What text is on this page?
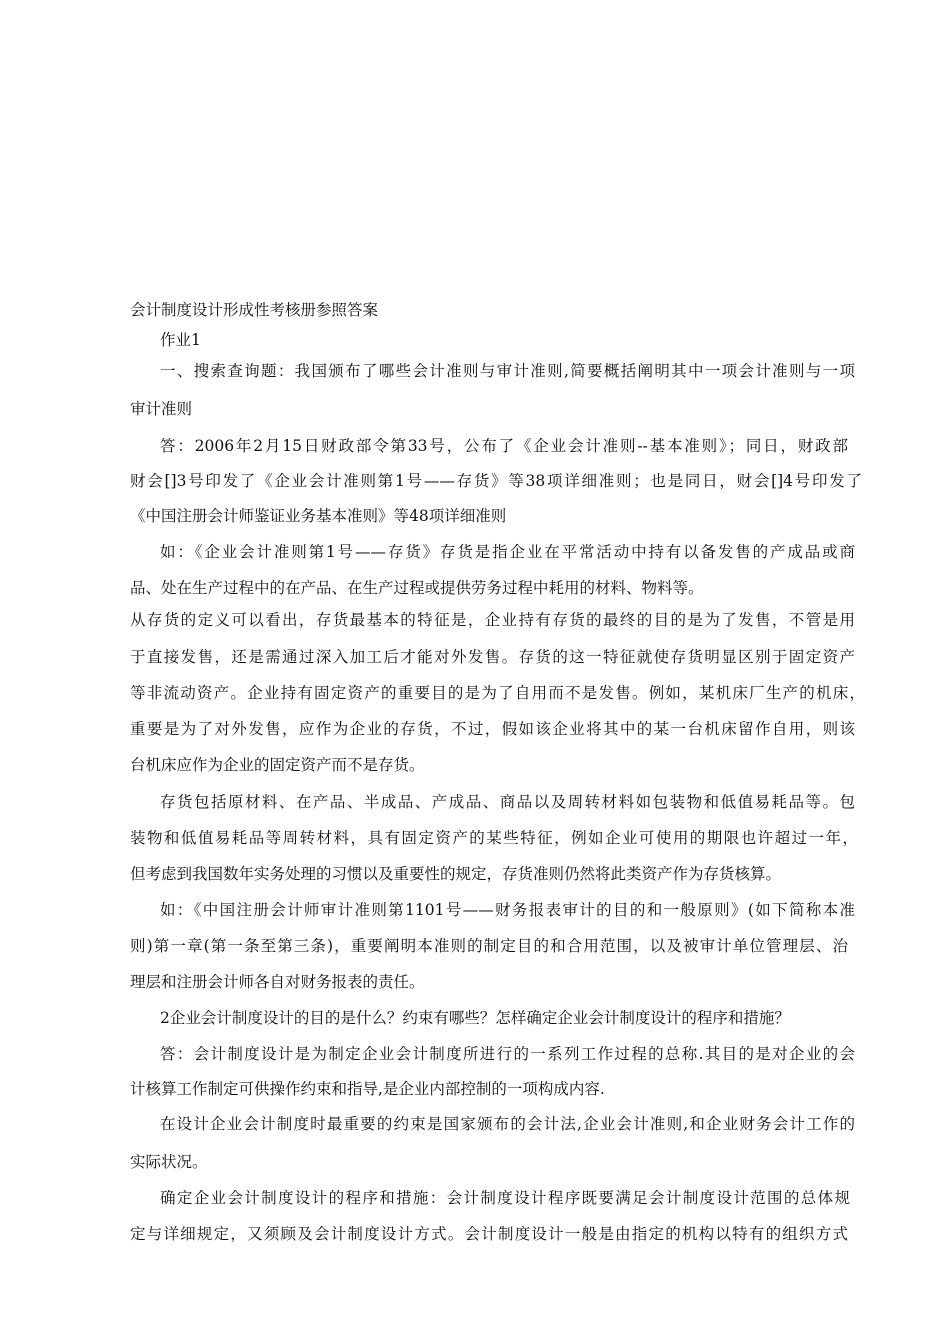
会计制度设计形成性考核册参照答案
作业1
一、搜索查询题：我国颁布了哪些会计准则与审计准则,简要概括阐明其中一项会计准则与一项
审计准则
答：2006年2月15日财政部令第33号，公布了《企业会计准则--基本准则》；同日，财政部
财会[]3号印发了《企业会计准则第1号——存货》等38项详细准则；也是同日，财会[]4号印发了
《中国注册会计师鉴证业务基本准则》等48项详细准则
如：《企业会计准则第1号——存货》存货是指企业在平常活动中持有以备发售的产成品或商
品、处在生产过程中的在产品、在生产过程或提供劳务过程中耗用的材料、物料等。
从存货的定义可以看出，存货最基本的特征是，企业持有存货的最终的目的是为了发售，不管是用
于直接发售，还是需通过深入加工后才能对外发售。存货的这一特征就使存货明显区别于固定资产
等非流动资产。企业持有固定资产的重要目的是为了自用而不是发售。例如，某机床厂生产的机床，
重要是为了对外发售，应作为企业的存货，不过，假如该企业将其中的某一台机床留作自用，则该
台机床应作为企业的固定资产而不是存货。
存货包括原材料、在产品、半成品、产成品、商品以及周转材料如包装物和低值易耗品等。包
装物和低值易耗品等周转材料，具有固定资产的某些特征，例如企业可使用的期限也许超过一年，
但考虑到我国数年实务处理的习惯以及重要性的规定，存货准则仍然将此类资产作为存货核算。
如：《中国注册会计师审计准则第1101号——财务报表审计的目的和一般原则》(如下简称本准
则)第一章(第一条至第三条)，重要阐明本准则的制定目的和合用范围，以及被审计单位管理层、治
理层和注册会计师各自对财务报表的责任。
2企业会计制度设计的目的是什么？约束有哪些？怎样确定企业会计制度设计的程序和措施？
答：会计制度设计是为制定企业会计制度所进行的一系列工作过程的总称.其目的是对企业的会
计核算工作制定可供操作约束和指导,是企业内部控制的一项构成内容.
在设计企业会计制度时最重要的约束是国家颁布的会计法,企业会计准则,和企业财务会计工作的
实际状况。
确定企业会计制度设计的程序和措施：会计制度设计程序既要满足会计制度设计范围的总体规
定与详细规定，又须顾及会计制度设计方式。会计制度设计一般是由指定的机构以特有的组织方式
